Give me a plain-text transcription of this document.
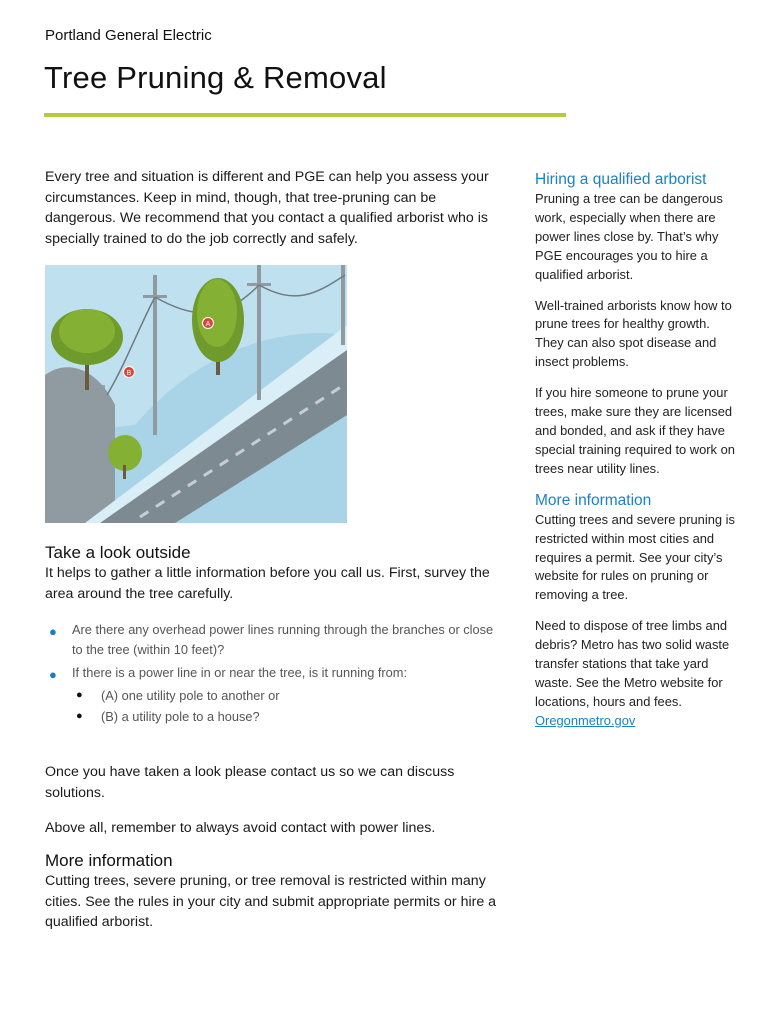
Portland General Electric
Tree Pruning & Removal

Every tree and situation is different and PGE can help you assess your circumstances. Keep in mind, though, that tree-pruning can be dangerous. We recommend that you contact a qualified arborist who is specially trained to do the job correctly and safely.

A
B
Take a look outside

It helps to gather a little information before you call us. First, survey the area around the tree carefully.

● Are there any overhead power lines running through the branches or close to the tree (within 10 feet)?
● If there is a power line in or near the tree, is it running from:
● (A) one utility pole to another or
● (B) a utility pole to a house?

Once you have taken a look please contact us so we can discuss solutions.

Above all, remember to always avoid contact with power lines.

More information

Cutting trees, severe pruning, or tree removal is restricted within many cities. See the rules in your city and submit appropriate permits or hire a qualified arborist.

Hiring a qualified arborist

Pruning a tree can be dangerous work, especially when there are power lines close by. That’s why PGE encourages you to hire a qualified arborist.

Well-trained arborists know how to prune trees for healthy growth. They can also spot disease and insect problems.

If you hire someone to prune your trees, make sure they are licensed and bonded, and ask if they have special training required to work on trees near utility lines.

More information

Cutting trees and severe pruning is restricted within most cities and requires a permit. See your city’s website for rules on pruning or removing a tree.

Need to dispose of tree limbs and debris? Metro has two solid waste transfer stations that take yard waste. See the Metro website for locations, hours and fees. Oregonmetro.gov
